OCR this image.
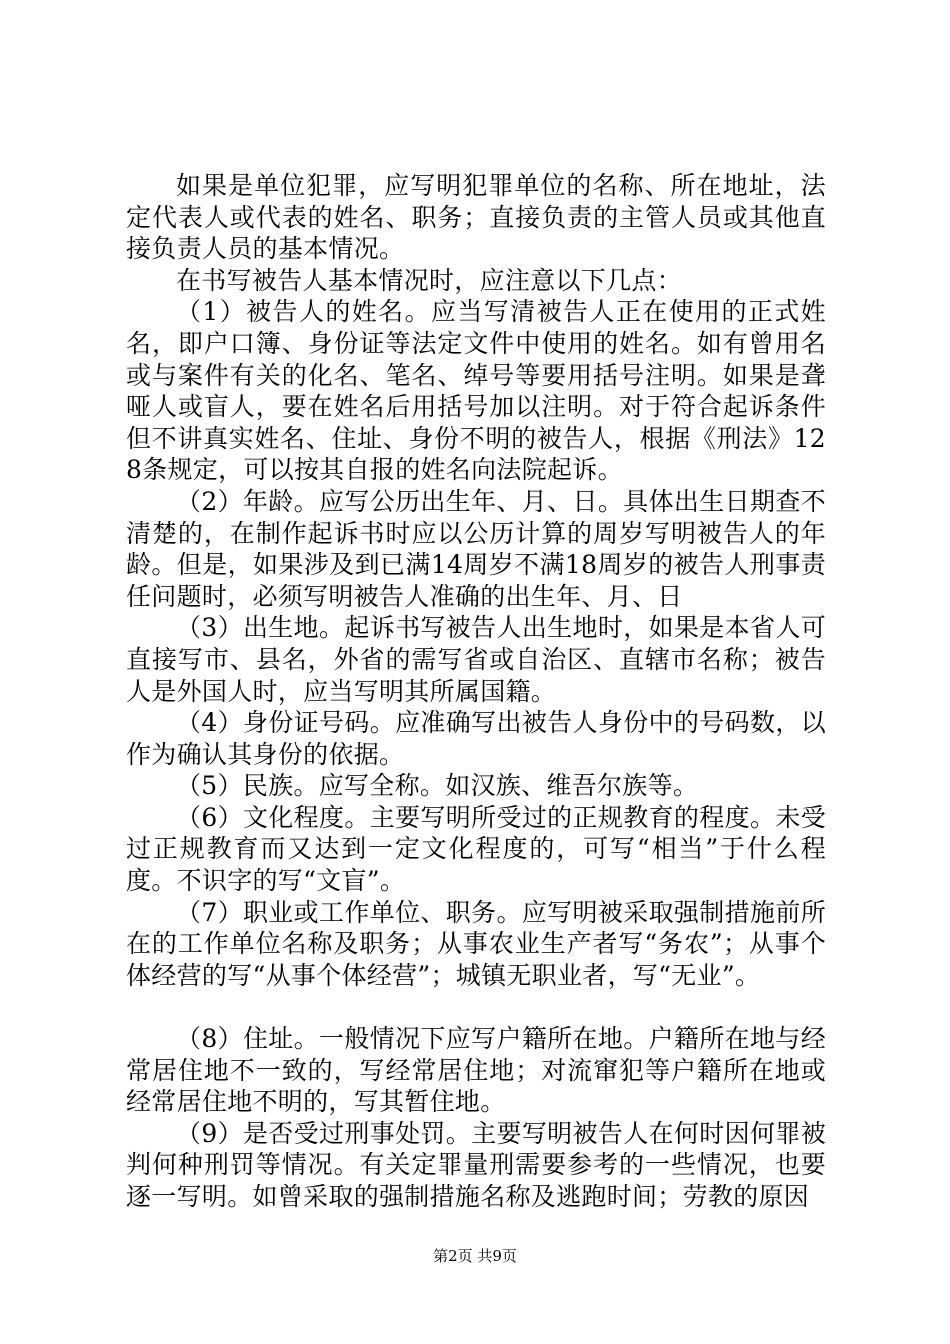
如果是单位犯罪，应写明犯罪单位的名称、所在地址，法定代表人或代表的姓名、职务；直接负责的主管人员或其他直接负责人员的基本情况。

在书写被告人基本情况时，应注意以下几点：

（1）被告人的姓名。应当写清被告人正在使用的正式姓名，即户口簿、身份证等法定文件中使用的姓名。如有曾用名或与案件有关的化名、笔名、绰号等要用括号注明。如果是聋哑人或盲人，要在姓名后用括号加以注明。对于符合起诉条件但不讲真实姓名、住址、身份不明的被告人，根据《刑法》128条规定，可以按其自报的姓名向法院起诉。

（2）年龄。应写公历出生年、月、日。具体出生日期查不清楚的，在制作起诉书时应以公历计算的周岁写明被告人的年龄。但是，如果涉及到已满14周岁不满18周岁的被告人刑事责任问题时，必须写明被告人准确的出生年、月、日

（3）出生地。起诉书写被告人出生地时，如果是本省人可直接写市、县名，外省的需写省或自治区、直辖市名称；被告人是外国人时，应当写明其所属国籍。

（4）身份证号码。应准确写出被告人身份中的号码数，以作为确认其身份的依据。

（5）民族。应写全称。如汉族、维吾尔族等。

（6）文化程度。主要写明所受过的正规教育的程度。未受过正规教育而又达到一定文化程度的，可写“相当”于什么程度。不识字的写“文盲”。

（7）职业或工作单位、职务。应写明被采取强制措施前所在的工作单位名称及职务；从事农业生产者写“务农”；从事个体经营的写“从事个体经营”；城镇无职业者，写“无业”。

（8）住址。一般情况下应写户籍所在地。户籍所在地与经常居住地不一致的，写经常居住地；对流窜犯等户籍所在地或经常居住地不明的，写其暂住地。

（9）是否受过刑事处罚。主要写明被告人在何时因何罪被判何种刑罚等情况。有关定罪量刑需要参考的一些情况，也要逐一写明。如曾采取的强制措施名称及逃跑时间；劳教的原因

第2页 共9页
